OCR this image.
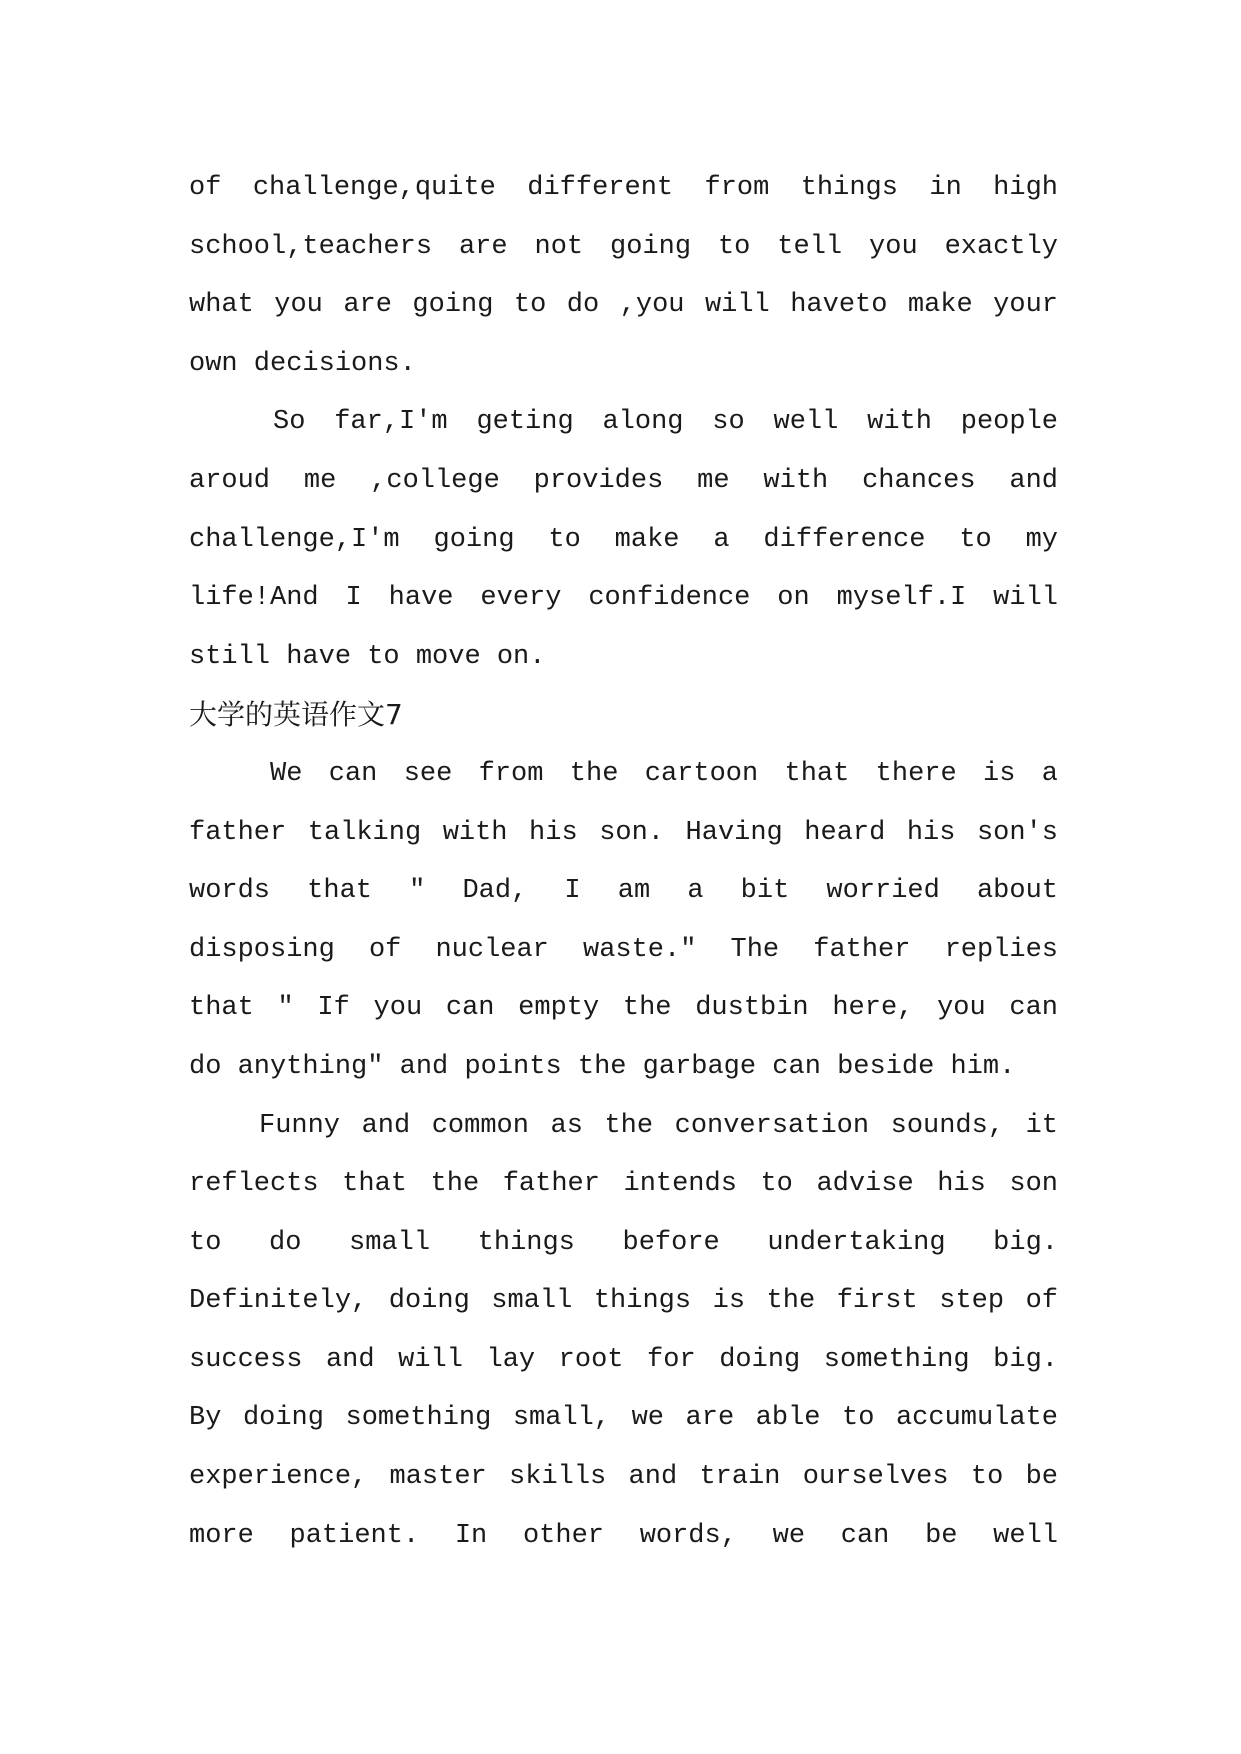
of challenge,quite different from things in high
school,teachers are not going to tell you exactly
what you are going to do ,you will haveto make your
own decisions.
So far,I'm geting along so well with people
aroud me ,college provides me with chances and
challenge,I'm going to make a difference to my
life!And I have every confidence on myself.I will
still have to move on.
大学的英语作文7
We can see from the cartoon that there is a
father talking with his son. Having heard his son's
words that " Dad, I am a bit worried about
disposing of nuclear waste." The father replies
that " If you can empty the dustbin here, you can
do anything" and points the garbage can beside him.
Funny and common as the conversation sounds, it
reflects that the father intends to advise his son
to do small things before undertaking big.
Definitely, doing small things is the first step of
success and will lay root for doing something big.
By doing something small, we are able to accumulate
experience, master skills and train ourselves to be
more patient. In other words, we can be well
